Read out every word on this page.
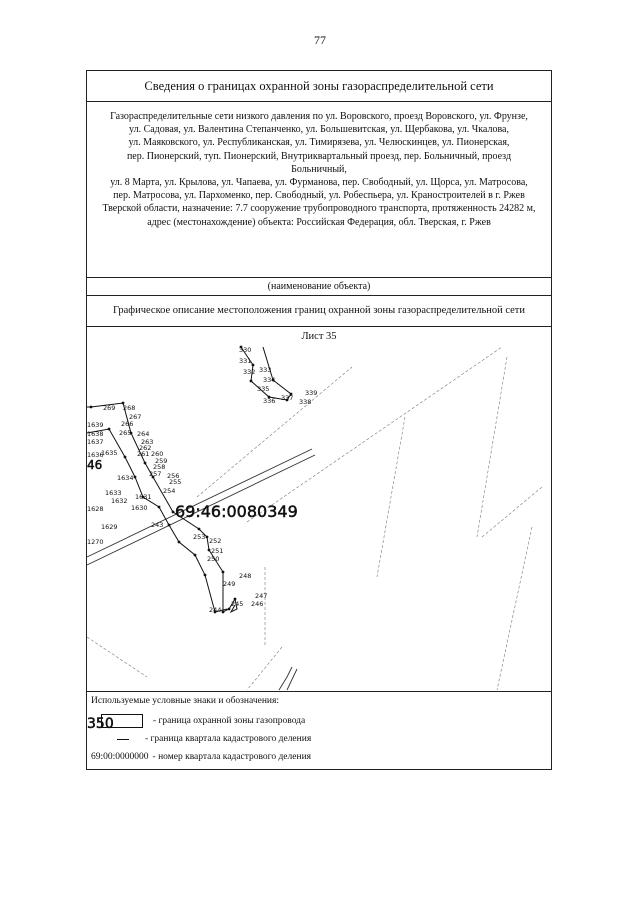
77
Сведения о границах охранной зоны газораспределительной сети
Газораспределительные сети низкого давления по ул. Воровского, проезд Воровского, ул. Фрунзе,
ул. Садовая, ул. Валентина Степанченко, ул. Большевитская, ул. Щербакова, ул. Чкалова,
ул. Маяковского, ул. Республиканская, ул. Тимирязева, ул. Челюскинцев, ул. Пионерская,
пер. Пионерский, туп. Пионерский, Внутриквартальный проезд, пер. Больничный, проезд Больничный,
ул. 8 Марта, ул. Крылова, ул. Чапаева, ул. Фурманова, пер. Свободный, ул. Щорса, ул. Матросова,
пер. Матросова, ул. Пархоменко, пер. Свободный, ул. Робеспьера, ул. Краностроителей в г. Ржев
Тверской области, назначение: 7.7 сооружение трубопроводного транспорта, протяженность 24282 м,
адрес (местонахождение) объекта: Российская Федерация, обл. Тверская, г. Ржев
(наименование объекта)
Графическое описание местоположения границ охранной зоны газораспределительной сети
Лист 35
330
331
332 333
334
335
336 337 338
339
269 268
267
266
265 264
263
262
261 260
259
258
257 256
255
254
1639
1638
1637
1636
1635
1634
1633
1632 1631
1630
1628
1629
1270
243
253 252
251
250
249
248
247
246
245
244
69:46:0080349
350
46
Используемые условные знаки и обозначения:
- граница охранной зоны газопровода
- граница квартала кадастрового деления
69:00:0000000 - номер квартала кадастрового деления
